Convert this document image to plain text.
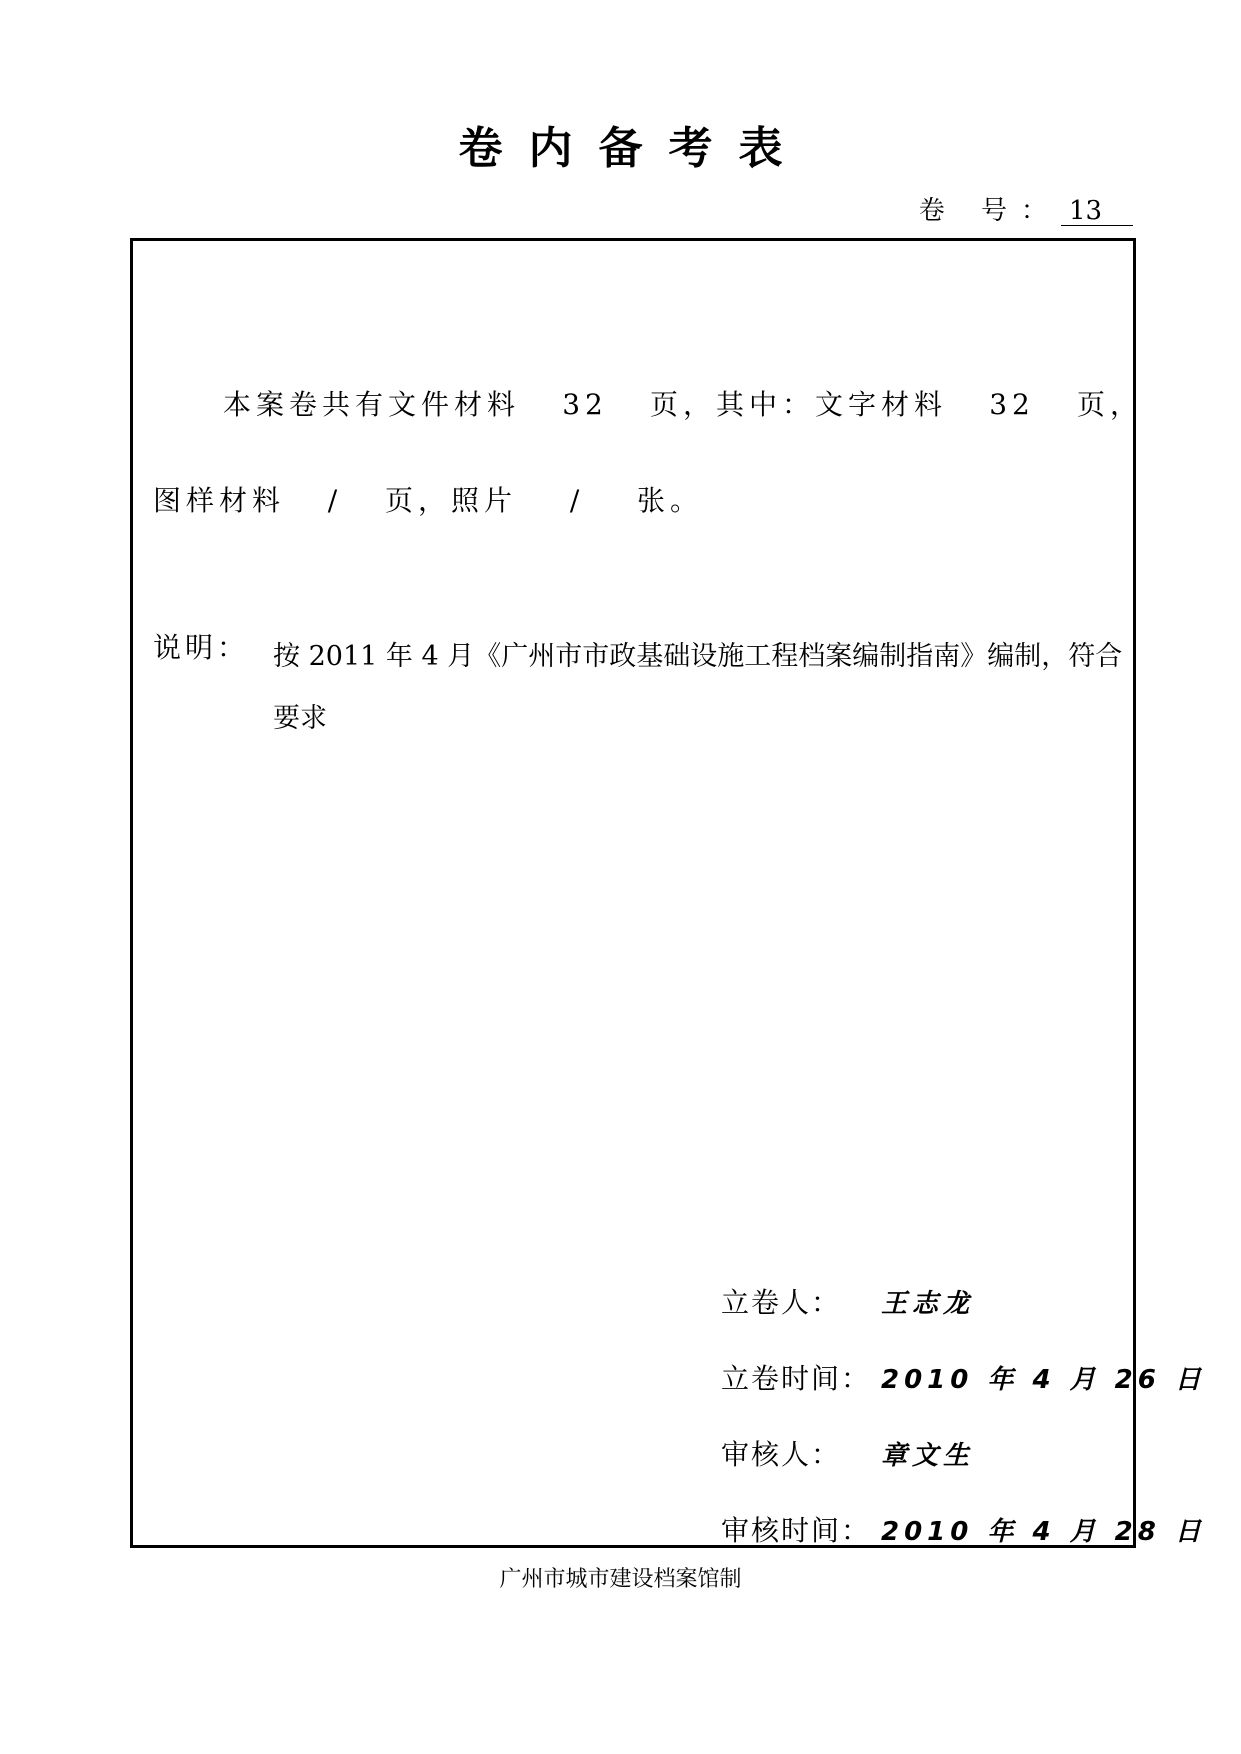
卷内备考表
卷 号： 13
本案卷共有文件材料 32 页，其中：文字材料 32 页，
图样材料 / 页，照片 / 张。
说明： 按 2011 年 4 月《广州市市政基础设施工程档案编制指南》编制，符合要求
立卷人： 王志龙
立卷时间： 2010 年 4 月 26 日
审核人： 章文生
审核时间： 2010 年 4 月 28 日
广州市城市建设档案馆制
